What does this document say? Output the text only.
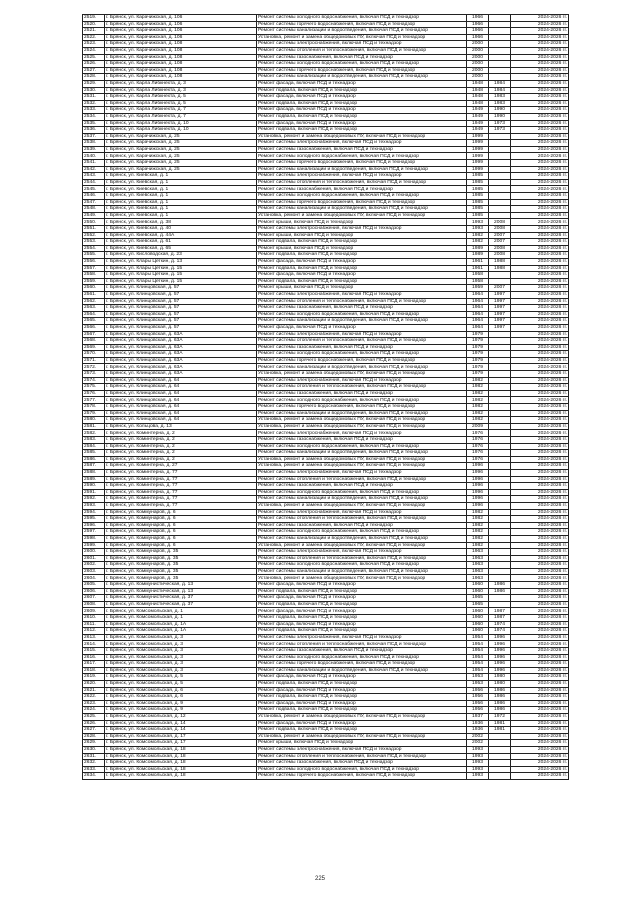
2519.	г. Брянск, ул. Карачижская, д. 106	Ремонт системы холодного водоснабжения, включая ПСД и технадзор	1966		2024-2026 гг.
2520.	г. Брянск, ул. Карачижская, д. 106	Ремонт системы горячего водоснабжения, включая ПСД и технадзор	1966		2024-2026 гг.
2521.	г. Брянск, ул. Карачижская, д. 106	Ремонт системы канализации и водоотведения, включая ПСД и технадзор	1966		2024-2026 гг.
2522.	г. Брянск, ул. Карачижская, д. 106	Установка, ремонт и замена общедомовых ПУ, включая ПСД и технадзор	1966		2024-2026 гг.
2523.	г. Брянск, ул. Карачижская, д. 108	Ремонт системы электроснабжения, включая ПСД и технадзор	2000		2024-2026 гг.
2524.	г. Брянск, ул. Карачижская, д. 108	Ремонт системы отопления и теплоснабжения, включая ПСД и технадзор	2000		2024-2026 гг.
2525.	г. Брянск, ул. Карачижская, д. 108	Ремонт системы газоснабжения, включая ПСД и технадзор	2000		2024-2026 гг.
2526.	г. Брянск, ул. Карачижская, д. 108	Ремонт системы холодного водоснабжения, включая ПСД и технадзор	2000		2024-2026 гг.
2527.	г. Брянск, ул. Карачижская, д. 108	Ремонт системы горячего водоснабжения, включая ПСД и технадзор	2000		2024-2026 гг.
2528.	г. Брянск, ул. Карачижская, д. 108	Ремонт системы канализации и водоотведения, включая ПСД и технадзор	2000		2024-2026 гг.
2529.	г. Брянск, ул. Карла Либкнехта, д. 3	Ремонт фасада, включая ПСД и технадзор	1948	1984	2024-2026 гг.
2530.	г. Брянск, ул. Карла Либкнехта, д. 3	Ремонт подвала, включая ПСД и технадзор	1948	1984	2024-2026 гг.
2531.	г. Брянск, ул. Карла Либкнехта, д. 5	Ремонт фасада, включая ПСД и технадзор	1948	1983	2024-2026 гг.
2532.	г. Брянск, ул. Карла Либкнехта, д. 5	Ремонт подвала, включая ПСД и технадзор	1948	1983	2024-2026 гг.
2533.	г. Брянск, ул. Карла Либкнехта, д. 7	Ремонт фасада, включая ПСД и технадзор	1949	1990	2024-2026 гг.
2534.	г. Брянск, ул. Карла Либкнехта, д. 7	Ремонт подвала, включая ПСД и технадзор	1949	1990	2024-2026 гг.
2535.	г. Брянск, ул. Карла Либкнехта, д. 10	Ремонт фасада, включая ПСД и технадзор	1949	1973	2024-2026 гг.
2536.	г. Брянск, ул. Карла Либкнехта, д. 10	Ремонт подвала, включая ПСД и технадзор	1949	1973	2024-2026 гг.
2537.	г. Брянск, ул. Карачижская, д. 25	Установка, ремонт и замена общедомовых ПУ, включая ПСД и технадзор	1999		2024-2026 гг.
2538.	г. Брянск, ул. Карачижская, д. 25	Ремонт системы электроснабжения, включая ПСД и технадзор	1999		2024-2026 гг.
2539.	г. Брянск, ул. Карачижская, д. 25	Ремонт системы газоснабжения, включая ПСД и технадзор	1999		2024-2026 гг.
2540.	г. Брянск, ул. Карачижская, д. 25	Ремонт системы холодного водоснабжения, включая ПСД и технадзор	1999		2024-2026 гг.
2541.	г. Брянск, ул. Карачижская, д. 25	Ремонт системы горячего водоснабжения, включая ПСД и технадзор	1999		2024-2026 гг.
2542.	г. Брянск, ул. Карачижская, д. 25	Ремонт системы канализации и водоотведения, включая ПСД и технадзор	1999		2024-2026 гг.
2543.	г. Брянск, ул. Киевская, д. 1	Ремонт системы электроснабжения, включая ПСД и технадзор	1985		2024-2026 гг.
2544.	г. Брянск, ул. Киевская, д. 1	Ремонт системы отопления и теплоснабжения, включая ПСД и технадзор	1985		2024-2026 гг.
2545.	г. Брянск, ул. Киевская, д. 1	Ремонт системы газоснабжения, включая ПСД и технадзор	1985		2024-2026 гг.
2546.	г. Брянск, ул. Киевская, д. 1	Ремонт системы холодного водоснабжения, включая ПСД и технадзор	1985		2024-2026 гг.
2547.	г. Брянск, ул. Киевская, д. 1	Ремонт системы горячего водоснабжения, включая ПСД и технадзор	1985		2024-2026 гг.
2548.	г. Брянск, ул. Киевская, д. 1	Ремонт системы канализации и водоотведения, включая ПСД и технадзор	1985		2024-2026 гг.
2549.	г. Брянск, ул. Киевская, д. 1	Установка, ремонт и замена общедомовых ПУ, включая ПСД и технадзор	1985		2024-2026 гг.
2550.	г. Брянск, ул. Киевская, д. 38	Ремонт крыши, включая ПСД и технадзор	1993	2008	2024-2026 гг.
2551.	г. Брянск, ул. Киевская, д. 40	Ремонт системы электроснабжения, включая ПСД и технадзор	1993	2008	2024-2026 гг.
2552.	г. Брянск, ул. Киевская, д. 44А	Ремонт крыши, включая ПСД и технадзор	1982	2007	2024-2026 гг.
2553.	г. Брянск, ул. Киевская, д. 61	Ремонт подвала, включая ПСД и технадзор	1982	2007	2024-2026 гг.
2554.	г. Брянск, ул. Киевская, д. 65	Ремонт крыши, включая ПСД и технадзор	1989	2008	2024-2026 гг.
2555.	г. Брянск, ул. Кисловодская, д. 23	Ремонт подвала, включая ПСД и технадзор	1989	2008	2024-2026 гг.
2556.	г. Брянск, ул. Клары Цеткин, д. 13	Ремонт фасада, включая ПСД и технадзор	1961	1988	2024-2026 гг.
2557.	г. Брянск, ул. Клары Цеткин, д. 15	Ремонт подвала, включая ПСД и технадзор	1961	1988	2024-2026 гг.
2558.	г. Брянск, ул. Клары Цеткин, д. 15	Ремонт фасада, включая ПСД и технадзор	1958		2024-2026 гг.
2559.	г. Брянск, ул. Клары Цеткин, д. 15	Ремонт подвала, включая ПСД и технадзор	1958		2024-2026 гг.
2560.	г. Брянск, ул. Клинцовская, д. 57	Ремонт крыши, включая ПСД и технадзор	1959	2007	2024-2026 гг.
2561.	г. Брянск, ул. Клинцовская, д. 57	Ремонт системы электроснабжения, включая ПСД и технадзор	1964	1997	2024-2026 гг.
2562.	г. Брянск, ул. Клинцовская, д. 57	Ремонт системы отопления и теплоснабжения, включая ПСД и технадзор	1964	1997	2024-2026 гг.
2563.	г. Брянск, ул. Клинцовская, д. 57	Ремонт системы газоснабжения, включая ПСД и технадзор	1964	1997	2024-2026 гг.
2564.	г. Брянск, ул. Клинцовская, д. 57	Ремонт системы холодного водоснабжения, включая ПСД и технадзор	1964	1997	2024-2026 гг.
2565.	г. Брянск, ул. Клинцовская, д. 57	Ремонт системы канализации и водоотведения, включая ПСД и технадзор	1964	1997	2024-2026 гг.
2566.	г. Брянск, ул. Клинцовская, д. 57	Ремонт фасада, включая ПСД и технадзор	1964	1997	2024-2026 гг.
2567.	г. Брянск, ул. Клинцовская, д. 63А	Ремонт системы электроснабжения, включая ПСД и технадзор	1979		2024-2026 гг.
2568.	г. Брянск, ул. Клинцовская, д. 63А	Ремонт системы отопления и теплоснабжения, включая ПСД и технадзор	1979		2024-2026 гг.
2569.	г. Брянск, ул. Клинцовская, д. 63А	Ремонт системы газоснабжения, включая ПСД и технадзор	1979		2024-2026 гг.
2570.	г. Брянск, ул. Клинцовская, д. 63А	Ремонт системы холодного водоснабжения, включая ПСД и технадзор	1979		2024-2026 гг.
2571.	г. Брянск, ул. Клинцовская, д. 63А	Ремонт системы горячего водоснабжения, включая ПСД и технадзор	1979		2024-2026 гг.
2572.	г. Брянск, ул. Клинцовская, д. 63А	Ремонт системы канализации и водоотведения, включая ПСД и технадзор	1979		2024-2026 гг.
2573.	г. Брянск, ул. Клинцовская, д. 63А	Установка, ремонт и замена общедомовых ПУ, включая ПСД и технадзор	1979		2024-2026 гг.
2574.	г. Брянск, ул. Клинцовская, д. 64	Ремонт системы электроснабжения, включая ПСД и технадзор	1982		2024-2026 гг.
2575.	г. Брянск, ул. Клинцовская, д. 64	Ремонт системы отопления и теплоснабжения, включая ПСД и технадзор	1982		2024-2026 гг.
2576.	г. Брянск, ул. Клинцовская, д. 64	Ремонт системы газоснабжения, включая ПСД и технадзор	1982		2024-2026 гг.
2577.	г. Брянск, ул. Клинцовская, д. 64	Ремонт системы холодного водоснабжения, включая ПСД и технадзор	1982		2024-2026 гг.
2578.	г. Брянск, ул. Клинцовская, д. 64	Ремонт системы горячего водоснабжения, включая ПСД и технадзор	1982		2024-2026 гг.
2579.	г. Брянск, ул. Клинцовская, д. 64	Ремонт системы канализации и водоотведения, включая ПСД и технадзор	1982		2024-2026 гг.
2580.	г. Брянск, ул. Клинцовская, д. 64	Установка, ремонт и замена общедомовых ПУ, включая ПСД и технадзор	1982		2024-2026 гг.
2581.	г. Брянск, ул. Кольцова, д. 13	Установка, ремонт и замена общедомовых ПУ, включая ПСД и технадзор	2009		2024-2026 гг.
2582.	г. Брянск, ул. Коминтерна, д. 2	Ремонт системы электроснабжения, включая ПСД и технадзор	1976		2024-2026 гг.
2583.	г. Брянск, ул. Коминтерна, д. 2	Ремонт системы газоснабжения, включая ПСД и технадзор	1976		2024-2026 гг.
2584.	г. Брянск, ул. Коминтерна, д. 2	Ремонт системы холодного водоснабжения, включая ПСД и технадзор	1976		2024-2026 гг.
2585.	г. Брянск, ул. Коминтерна, д. 2	Ремонт системы канализации и водоотведения, включая ПСД и технадзор	1976		2024-2026 гг.
2586.	г. Брянск, ул. Коминтерна, д. 2	Установка, ремонт и замена общедомовых ПУ, включая ПСД и технадзор	1976		2024-2026 гг.
2587.	г. Брянск, ул. Коминтерна, д. 27	Установка, ремонт и замена общедомовых ПУ, включая ПСД и технадзор	1996		2024-2026 гг.
2588.	г. Брянск, ул. Коминтерна, д. 77	Ремонт системы электроснабжения, включая ПСД и технадзор	1996		2024-2026 гг.
2589.	г. Брянск, ул. Коминтерна, д. 77	Ремонт системы отопления и теплоснабжения, включая ПСД и технадзор	1996		2024-2026 гг.
2590.	г. Брянск, ул. Коминтерна, д. 77	Ремонт системы газоснабжения, включая ПСД и технадзор	1996		2024-2026 гг.
2591.	г. Брянск, ул. Коминтерна, д. 77	Ремонт системы холодного водоснабжения, включая ПСД и технадзор	1996		2024-2026 гг.
2592.	г. Брянск, ул. Коминтерна, д. 77	Ремонт системы канализации и водоотведения, включая ПСД и технадзор	1996		2024-2026 гг.
2593.	г. Брянск, ул. Коминтерна, д. 77	Установка, ремонт и замена общедомовых ПУ, включая ПСД и технадзор	1996		2024-2026 гг.
2594.	г. Брянск, ул. Коммунаров, д. 6	Ремонт системы электроснабжения, включая ПСД и технадзор	1982		2024-2026 гг.
2595.	г. Брянск, ул. Коммунаров, д. 6	Ремонт системы отопления и теплоснабжения, включая ПСД и технадзор	1982		2024-2026 гг.
2596.	г. Брянск, ул. Коммунаров, д. 6	Ремонт системы газоснабжения, включая ПСД и технадзор	1982		2024-2026 гг.
2597.	г. Брянск, ул. Коммунаров, д. 6	Ремонт системы холодного водоснабжения, включая ПСД и технадзор	1982		2024-2026 гг.
2598.	г. Брянск, ул. Коммунаров, д. 6	Ремонт системы канализации и водоотведения, включая ПСД и технадзор	1982		2024-2026 гг.
2599.	г. Брянск, ул. Коммунаров, д. 6	Установка, ремонт и замена общедомовых ПУ, включая ПСД и технадзор	1982		2024-2026 гг.
2600.	г. Брянск, ул. Коммунаров, д. 35	Ремонт системы электроснабжения, включая ПСД и технадзор	1963		2024-2026 гг.
2601.	г. Брянск, ул. Коммунаров, д. 35	Ремонт системы отопления и теплоснабжения, включая ПСД и технадзор	1963		2024-2026 гг.
2602.	г. Брянск, ул. Коммунаров, д. 35	Ремонт системы холодного водоснабжения, включая ПСД и технадзор	1963		2024-2026 гг.
2603.	г. Брянск, ул. Коммунаров, д. 35	Ремонт системы канализации и водоотведения, включая ПСД и технадзор	1963		2024-2026 гг.
2604.	г. Брянск, ул. Коммунаров, д. 35	Установка, ремонт и замена общедомовых ПУ, включая ПСД и технадзор	1963		2024-2026 гг.
2605.	г. Брянск, ул. Коммунистическая, д. 13	Ремонт фасада, включая ПСД и технадзор	1960	1986	2024-2026 гг.
2606.	г. Брянск, ул. Коммунистическая, д. 13	Ремонт подвала, включая ПСД и технадзор	1960	1986	2024-2026 гг.
2607.	г. Брянск, ул. Коммунистическая, д. 37	Ремонт фасада, включая ПСД и технадзор	1965		2024-2026 гг.
2608.	г. Брянск, ул. Коммунистическая, д. 37	Ремонт подвала, включая ПСД и технадзор	1965		2024-2026 гг.
2609.	г. Брянск, ул. Комсомольская, д. 1	Ремонт фасада, включая ПСД и технадзор	1960	1987	2024-2026 гг.
2610.	г. Брянск, ул. Комсомольская, д. 1	Ремонт подвала, включая ПСД и технадзор	1960	1987	2024-2026 гг.
2611.	г. Брянск, ул. Комсомольская, д. 1А	Ремонт фасада, включая ПСД и технадзор	1960	1974	2024-2026 гг.
2612.	г. Брянск, ул. Комсомольская, д. 1А	Ремонт подвала, включая ПСД и технадзор	1960	1974	2024-2026 гг.
2613.	г. Брянск, ул. Комсомольская, д. 3	Ремонт системы электроснабжения, включая ПСД и технадзор	1954	1996	2024-2026 гг.
2614.	г. Брянск, ул. Комсомольская, д. 3	Ремонт системы отопления и теплоснабжения, включая ПСД и технадзор	1954	1996	2024-2026 гг.
2615.	г. Брянск, ул. Комсомольская, д. 3	Ремонт системы газоснабжения, включая ПСД и технадзор	1954	1996	2024-2026 гг.
2616.	г. Брянск, ул. Комсомольская, д. 3	Ремонт системы холодного водоснабжения, включая ПСД и технадзор	1954	1996	2024-2026 гг.
2617.	г. Брянск, ул. Комсомольская, д. 3	Ремонт системы горячего водоснабжения, включая ПСД и технадзор	1954	1996	2024-2026 гг.
2618.	г. Брянск, ул. Комсомольская, д. 3	Ремонт системы канализации и водоотведения, включая ПСД и технадзор	1954	1996	2024-2026 гг.
2619.	г. Брянск, ул. Комсомольская, д. 5	Ремонт фасада, включая ПСД и технадзор	1953	1980	2024-2026 гг.
2620.	г. Брянск, ул. Комсомольская, д. 5	Ремонт подвала, включая ПСД и технадзор	1953	1980	2024-2026 гг.
2621.	г. Брянск, ул. Комсомольская, д. 6	Ремонт фасада, включая ПСД и технадзор	1956	1986	2024-2026 гг.
2622.	г. Брянск, ул. Комсомольская, д. 6	Ремонт подвала, включая ПСД и технадзор	1956	1986	2024-2026 гг.
2623.	г. Брянск, ул. Комсомольская, д. 9	Ремонт фасада, включая ПСД и технадзор	1956	1986	2024-2026 гг.
2624.	г. Брянск, ул. Комсомольская, д. 9	Ремонт подвала, включая ПСД и технадзор	1956	1986	2024-2026 гг.
2625.	г. Брянск, ул. Комсомольская, д. 12	Установка, ремонт и замена общедомовых ПУ, включая ПСД и технадзор	1937	1972	2024-2026 гг.
2626.	г. Брянск, ул. Комсомольская, д. 14	Ремонт фасада, включая ПСД и технадзор	1936	1981	2024-2026 гг.
2627.	г. Брянск, ул. Комсомольская, д. 14	Ремонт подвала, включая ПСД и технадзор	1936	1981	2024-2026 гг.
2628.	г. Брянск, ул. Комсомольская, д. 17	Установка, ремонт и замена общедомовых ПУ, включая ПСД и технадзор	2002		2024-2026 гг.
2629.	г. Брянск, ул. Комсомольская, д. 17	Ремонт крыши, включая ПСД и технадзор	2002		2024-2026 гг.
2630.	г. Брянск, ул. Комсомольская, д. 18	Ремонт системы электроснабжения, включая ПСД и технадзор	1993		2024-2026 гг.
2631.	г. Брянск, ул. Комсомольская, д. 18	Ремонт системы отопления и теплоснабжения, включая ПСД и технадзор	1993		2024-2026 гг.
2632.	г. Брянск, ул. Комсомольская, д. 18	Ремонт системы газоснабжения, включая ПСД и технадзор	1993		2024-2026 гг.
2633.	г. Брянск, ул. Комсомольская, д. 18	Ремонт системы холодного водоснабжения, включая ПСД и технадзор	1993		2024-2026 гг.
2634.	г. Брянск, ул. Комсомольская, д. 18	Ремонт системы горячего водоснабжения, включая ПСД и технадзор	1993		2024-2026 гг.
225
